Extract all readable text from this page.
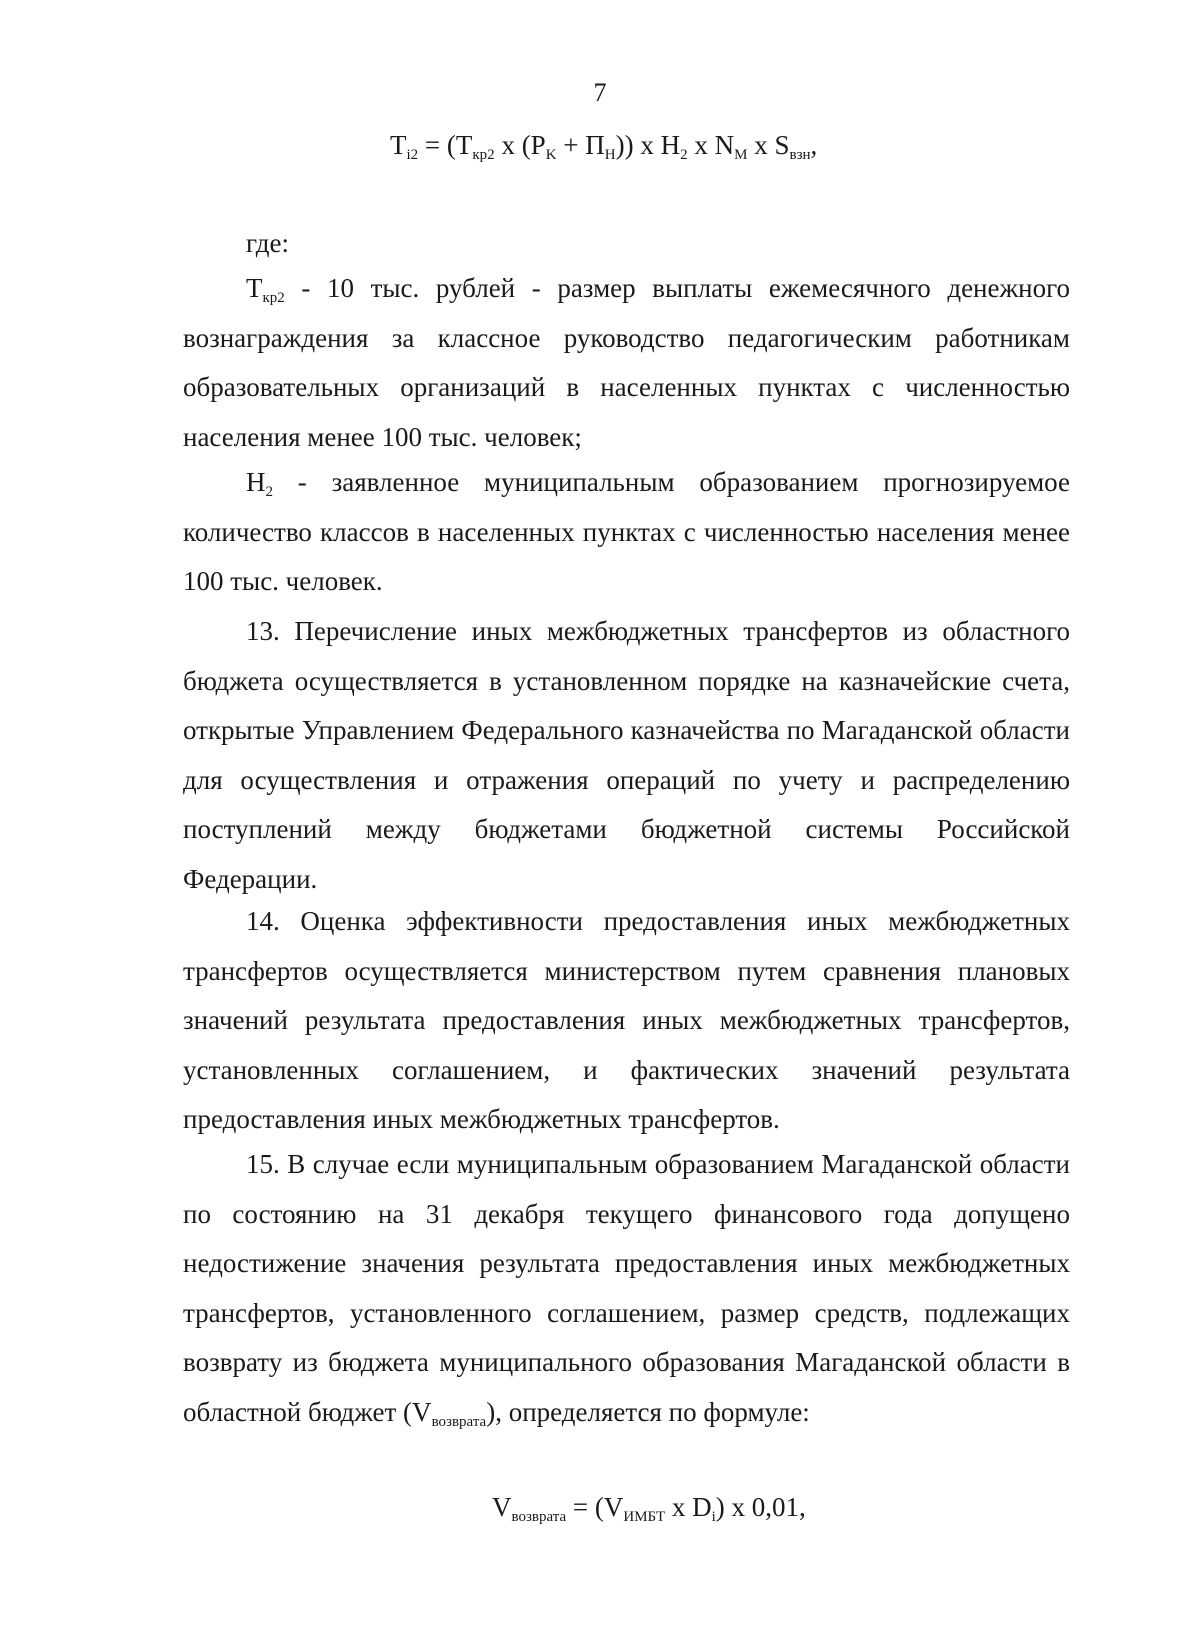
7
$T_{i2} = (T_{кр2}$ x $(P_K + П_Н)$) x $H_2$ x $N_M$ x $S_{взн}$,
где:

$T_{кр2} - 10$ тыс. рублей - размер выплаты ежемесячного денежного вознаграждения за классное руководство педагогическим работникам образовательных организаций в населенных пунктах с численностью населения менее 100 тыс. человек;

$H_2$ - заявленное муниципальным образованием прогнозируемое количество классов в населенных пунктах с численностью населения менее 100 тыс. человек.

13. Перечисление иных межбюджетных трансфертов из областного бюджета осуществляется в установленном порядке на казначейские счета, открытые Управлением Федерального казначейства по Магаданской области для осуществления и отражения операций по учету и распределению поступлений между бюджетами бюджетной системы Российской Федерации.

14. Оценка эффективности предоставления иных межбюджетных трансфертов осуществляется министерством путем сравнения плановых значений результата предоставления иных межбюджетных трансфертов, установленных соглашением, и фактических значений результата предоставления иных межбюджетных трансфертов.

15. В случае если муниципальным образованием Магаданской области по состоянию на 31 декабря текущего финансового года допущено недостижение значения результата предоставления иных межбюджетных трансфертов, установленного соглашением, размер средств, подлежащих возврату из бюджета муниципального образования Магаданской области в областной бюджет $(V_{возврата})$, определяется по формуле:

$V_{возврата} = (V_{ИМБТ}$ x $D_i$) x 0,01,
